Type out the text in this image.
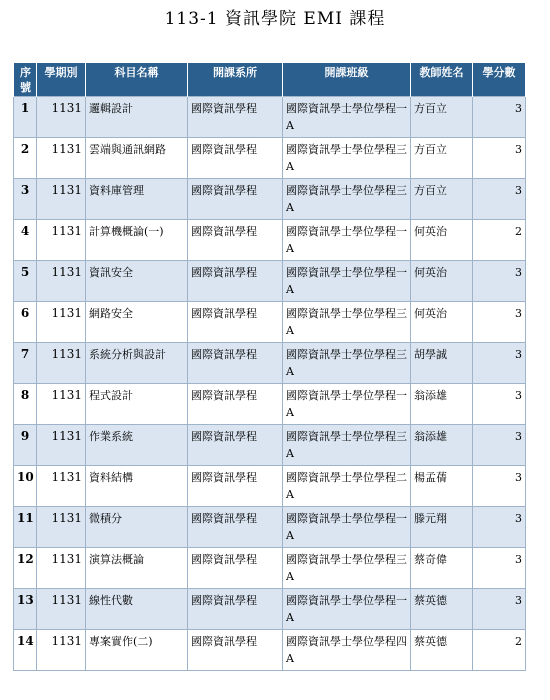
113-1 資訊學院 EMI 課程
序號	學期別	科目名稱	開課系所	開課班級	教師姓名	學分數
1	1131	邏輯設計	國際資訊學程	國際資訊學士學位學程一A	方百立	3
2	1131	雲端與通訊網路	國際資訊學程	國際資訊學士學位學程三A	方百立	3
3	1131	資料庫管理	國際資訊學程	國際資訊學士學位學程三A	方百立	3
4	1131	計算機概論(一)	國際資訊學程	國際資訊學士學位學程一A	何英治	2
5	1131	資訊安全	國際資訊學程	國際資訊學士學位學程一A	何英治	3
6	1131	網路安全	國際資訊學程	國際資訊學士學位學程三A	何英治	3
7	1131	系統分析與設計	國際資訊學程	國際資訊學士學位學程三A	胡學誠	3
8	1131	程式設計	國際資訊學程	國際資訊學士學位學程一A	翁添雄	3
9	1131	作業系統	國際資訊學程	國際資訊學士學位學程三A	翁添雄	3
10	1131	資料結構	國際資訊學程	國際資訊學士學位學程二A	楊孟蒨	3
11	1131	微積分	國際資訊學程	國際資訊學士學位學程一A	滕元翔	3
12	1131	演算法概論	國際資訊學程	國際資訊學士學位學程三A	蔡奇偉	3
13	1131	線性代數	國際資訊學程	國際資訊學士學位學程一A	蔡英德	3
14	1131	專案實作(二)	國際資訊學程	國際資訊學士學位學程四A	蔡英德	2
